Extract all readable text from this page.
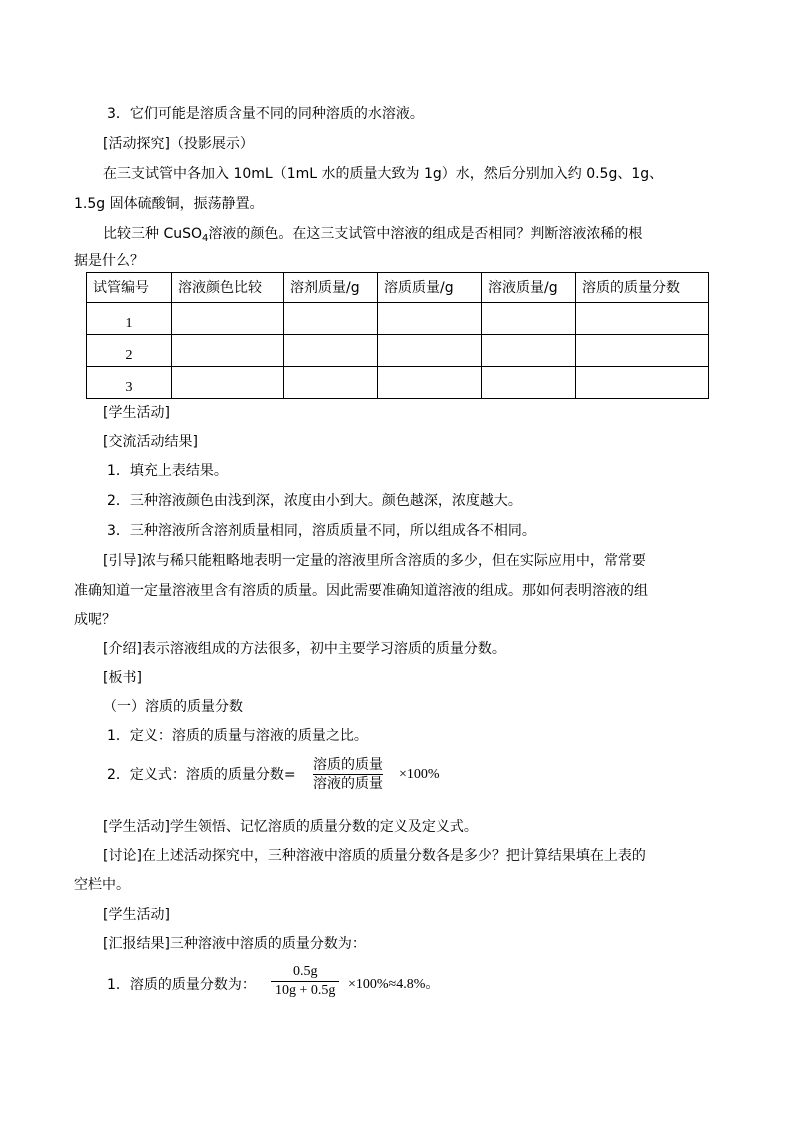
3．它们可能是溶质含量不同的同种溶质的水溶液。
[活动探究]（投影展示）
在三支试管中各加入 10mL（1mL 水的质量大致为 1g）水，然后分别加入约 0.5g、1g、
1.5g 固体硫酸铜，振荡静置。
比较三种 CuSO$_4$溶液的颜色。在这三支试管中溶液的组成是否相同？判断溶液浓稀的根
据是什么？
试管编号	溶液颜色比较	溶剂质量/g	溶质质量/g	溶液质量/g	溶质的质量分数
1					
2					
3					
[学生活动]
[交流活动结果]
1．填充上表结果。
2．三种溶液颜色由浅到深，浓度由小到大。颜色越深，浓度越大。
3．三种溶液所含溶剂质量相同，溶质质量不同，所以组成各不相同。
[引导]浓与稀只能粗略地表明一定量的溶液里所含溶质的多少，但在实际应用中，常常要
准确知道一定量溶液里含有溶质的质量。因此需要准确知道溶液的组成。那如何表明溶液的组
成呢？
[介绍]表示溶液组成的方法很多，初中主要学习溶质的质量分数。
[板书]
（一）溶质的质量分数
1．定义：溶质的质量与溶液的质量之比。
2．定义式：溶质的质量分数=
溶质的质量
溶液的质量
×100%
[学生活动]学生领悟、记忆溶质的质量分数的定义及定义式。
[讨论]在上述活动探究中，三种溶液中溶质的质量分数各是多少？把计算结果填在上表的
空栏中。
[学生活动]
[汇报结果]三种溶液中溶质的质量分数为：
1．溶质的质量分数为：
0.5g
10g + 0.5g ×100%≈4.8%。
